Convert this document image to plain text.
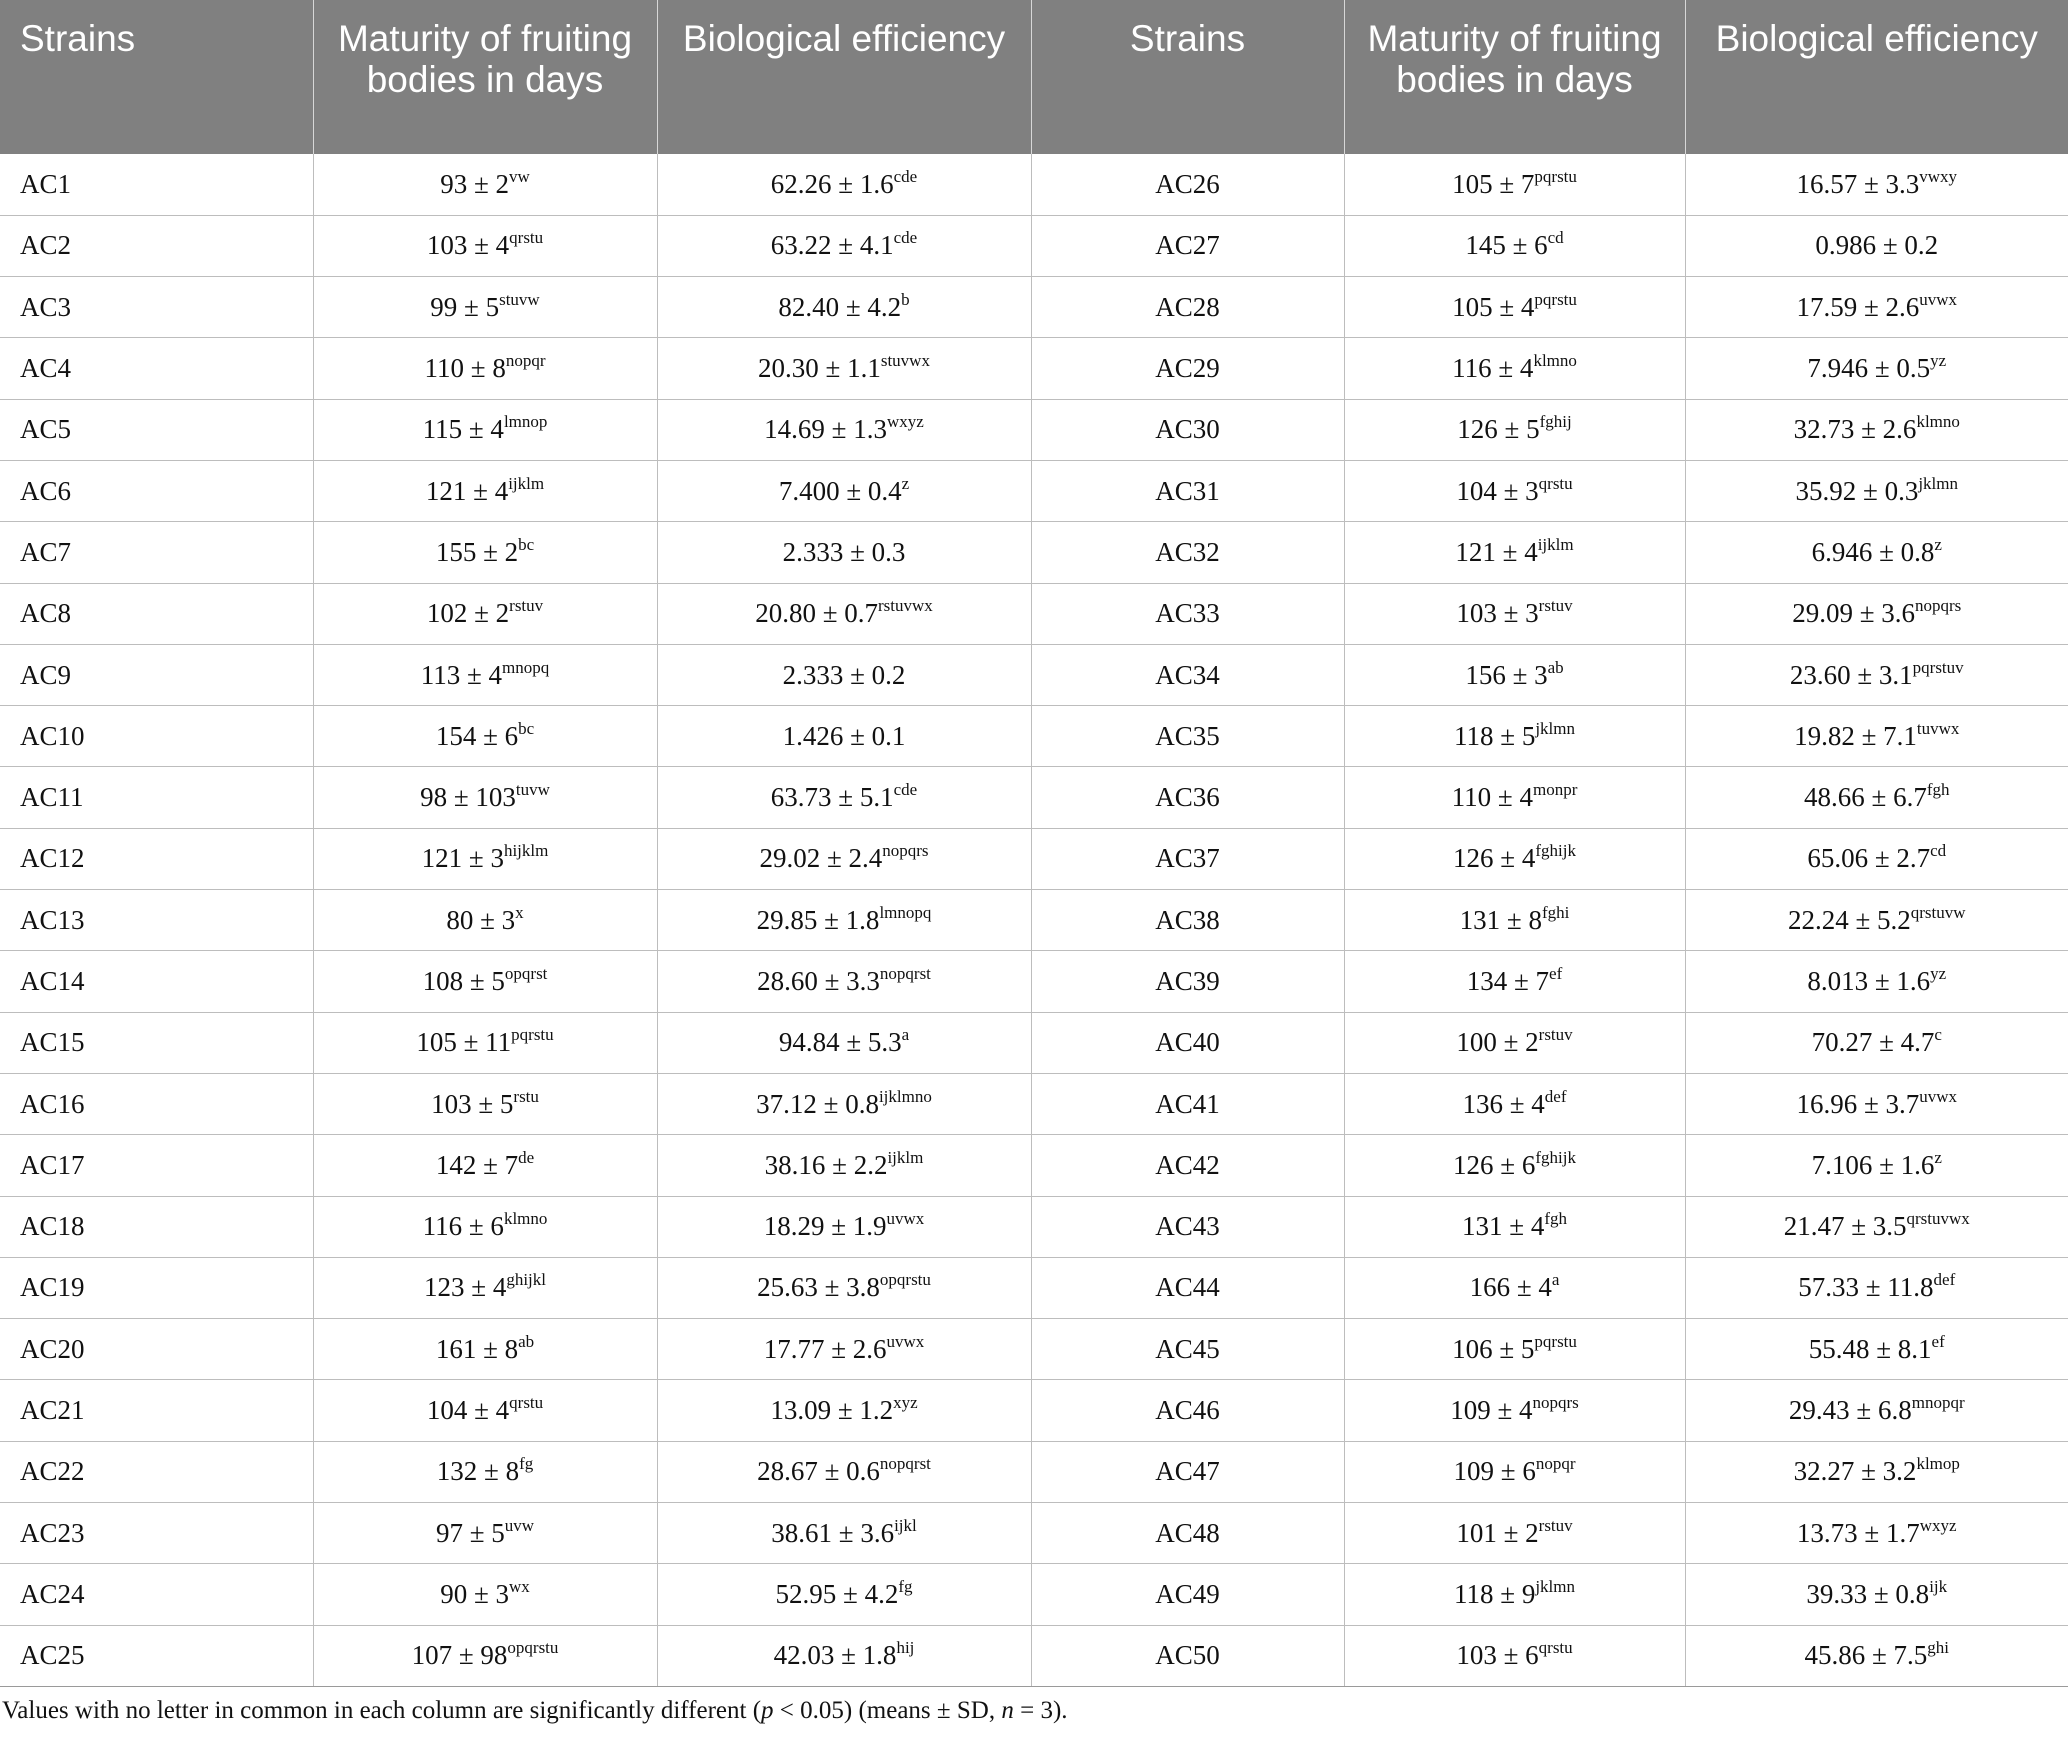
Strains	Maturity of fruiting bodies in days	Biological efficiency	Strains	Maturity of fruiting bodies in days	Biological efficiency
AC1	$93 \pm 2^{vw}$	62.26 ± 1.6$^{cde}$	AC26	$105 \pm 7^{pqrstu}$	$16.57 \pm 3.3^{vwxy}$
AC2	$103 \pm 4^{qrstu}$	63.22 ± 4.1$^{cde}$	AC27	$145 \pm 6^{cd}$	0.986 ± 0.2
AC3	$99 \pm 5^{stuvw}$	82.40 ± 4.2$^b$	AC28	$105 \pm 4^{pqrstu}$	$17.59 \pm 2.6^{uvwx}$
AC4	$110 \pm 8^{nopqr}$	$20.30 \pm 1.1^{stuvwx}$	AC29	$116 \pm 4^{klmno}$	$7.946 \pm 0.5^{yz}$
AC5	$115 \pm 4^{lmnop}$	$14.69 \pm 1.3^{wxyz}$	AC30	$126 \pm 5^{fghij}$	$32.73 \pm 2.6^{klmno}$
AC6	$121 \pm 4^{ijklm}$	$7.400 \pm 0.4^z$	AC31	$104 \pm 3^{qrstu}$	$35.92 \pm 0.3^{jklmn}$
AC7	$155 \pm 2^{bc}$	2.333 ± 0.3	AC32	$121 \pm 4^{ijklm}$	$6.946 \pm 0.8^z$
AC8	$102 \pm 2^{rstuv}$	$20.80 \pm 0.7^{rstuvwx}$	AC33	$103 \pm 3^{rstuv}$	$29.09 \pm 3.6^{nopqrs}$
AC9	$113 \pm 4^{mnopq}$	2.333 ± 0.2	AC34	$156 \pm 3^{ab}$	$23.60 \pm 3.1^{pqrstuv}$
AC10	$154 \pm 6^{bc}$	1.426 ± 0.1	AC35	$118 \pm 5^{jklmn}$	$19.82 \pm 7.1^{tuvwx}$
AC11	$98 \pm 103^{tuvw}$	63.73 ± 5.1$^{cde}$	AC36	$110 \pm 4^{monpr}$	48.66 ± 6.7$^{fgh}$
AC12	$121 \pm 3^{hijklm}$	$29.02 \pm 2.4^{nopqrs}$	AC37	$126 \pm 4^{fghijk}$	65.06 ± 2.7$^{cd}$
AC13	$80 \pm 3^x$	$29.85 \pm 1.8^{lmnopq}$	AC38	$131 \pm 8^{fghi}$	$22.24 \pm 5.2^{qrstuvw}$
AC14	$108 \pm 5^{opqrst}$	$28.60 \pm 3.3^{nopqrst}$	AC39	$134 \pm 7^{ef}$	$8.013 \pm 1.6^{yz}$
AC15	$105 \pm 11^{pqrstu}$	94.84 ± 5.3$^a$	AC40	$100 \pm 2^{rstuv}$	70.27 ± 4.7$^c$
AC16	$103 \pm 5^{rstu}$	$37.12 \pm 0.8^{ijklmno}$	AC41	$136 \pm 4^{def}$	$16.96 \pm 3.7^{uvwx}$
AC17	142 ± 7de	$38.16 \pm 2.2^{ijklm}$	AC42	$126 \pm 6^{fghijk}$	$7.106 \pm 1.6^z$
AC18	$116 \pm 6^{klmno}$	$18.29 \pm 1.9^{uvwx}$	AC43	$131 \pm 4^{fgh}$	$21.47 \pm 3.5^{qrstuvwx}$
AC19	$123 \pm 4^{ghijkl}$	$25.63 \pm 3.8^{opqrstu}$	AC44	$166 \pm 4^a$	57.33 ± 11.8$^{def}$
AC20	$161 \pm 8^{ab}$	$17.77 \pm 2.6^{uvwx}$	AC45	$106 \pm 5^{pqrstu}$	55.48 ± 8.1$^{ef}$
AC21	$104 \pm 4^{qrstu}$	$13.09 \pm 1.2^{xyz}$	AC46	$109 \pm 4^{nopqrs}$	$29.43 \pm 6.8^{mnopqr}$
AC22	$132 \pm 8^{fg}$	$28.67 \pm 0.6^{nopqrst}$	AC47	$109 \pm 6^{nopqr}$	$32.27 \pm 3.2^{klmop}$
AC23	$97 \pm 5^{uvw}$	$38.61 \pm 3.6^{ijkl}$	AC48	$101 \pm 2^{rstuv}$	$13.73 \pm 1.7^{wxyz}$
AC24	$90 \pm 3^{wx}$	52.95 ± 4.2$^{fg}$	AC49	$118 \pm 9^{jklmn}$	$39.33 \pm 0.8^{ijk}$
AC25	$107 \pm 98^{opqrstu}$	$42.03 \pm 1.8^{hij}$	AC50	$103 \pm 6^{qrstu}$	$45.86 \pm 7.5^{ghi}$
Values with no letter in common in each column are significantly different (p < 0.05) (means ± SD, n = 3).
